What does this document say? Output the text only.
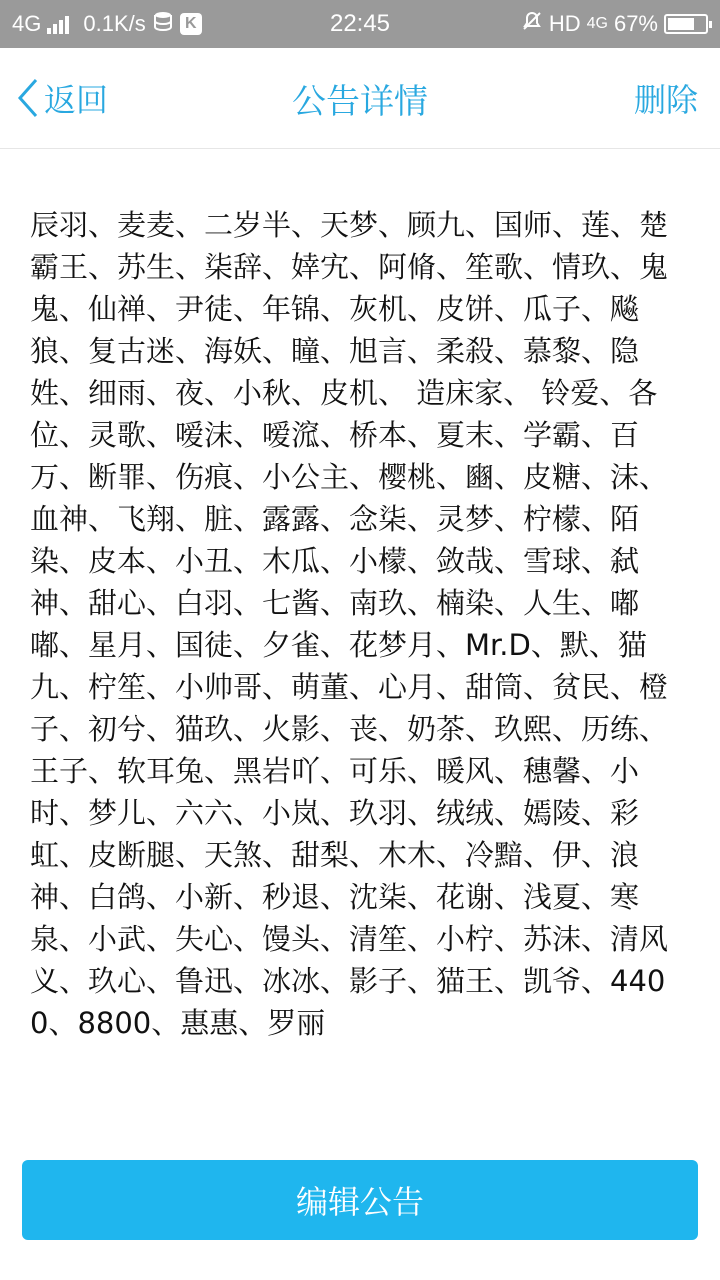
4G 0.1K/s	K	22:45	HD 4G 67%
返回	公告详情	删除
辰羽、麦麦、二岁半、天梦、顾九、国师、莲、楚霸王、苏生、柒辞、婞宄、阿脩、笙歌、情玖、鬼鬼、仙禅、尹徒、年锦、灰机、皮饼、瓜子、飚狼、复古迷、海妖、瞳、旭言、柔殺、慕黎、隐姓、细雨、夜、小秋、皮机、 造床家、 铃爱、各位、灵歌、嗳沫、嗳溛、桥本、夏末、学霸、百万、断罪、伤痕、小公主、樱桃、豳、皮糖、沫、血神、飞翔、脏、露露、念柒、灵梦、柠檬、陌染、皮本、小丑、木瓜、小檬、敛哉、雪球、弑神、甜心、白羽、七酱、南玖、楠染、人生、嘟嘟、星月、国徒、夕雀、花梦月、Mr.D、默、猫九、柠笙、小帅哥、萌董、心月、甜筒、贫民、橙子、初兮、猫玖、火影、丧、奶茶、玖熙、历练、王子、软耳兔、黑岩吖、可乐、暖风、穗馨、小时、梦儿、六六、小岚、玖羽、绒绒、嫣陵、彩虹、皮断腿、天煞、甜梨、木木、冷黯、伊、浪神、白鸽、小新、秒退、沈柒、花谢、浅夏、寒泉、小武、失心、馒头、清笙、小柠、苏沫、清风义、玖心、鲁迅、冰冰、影子、猫王、凯爷、4400、8800、惠惠、罗丽
编辑公告
